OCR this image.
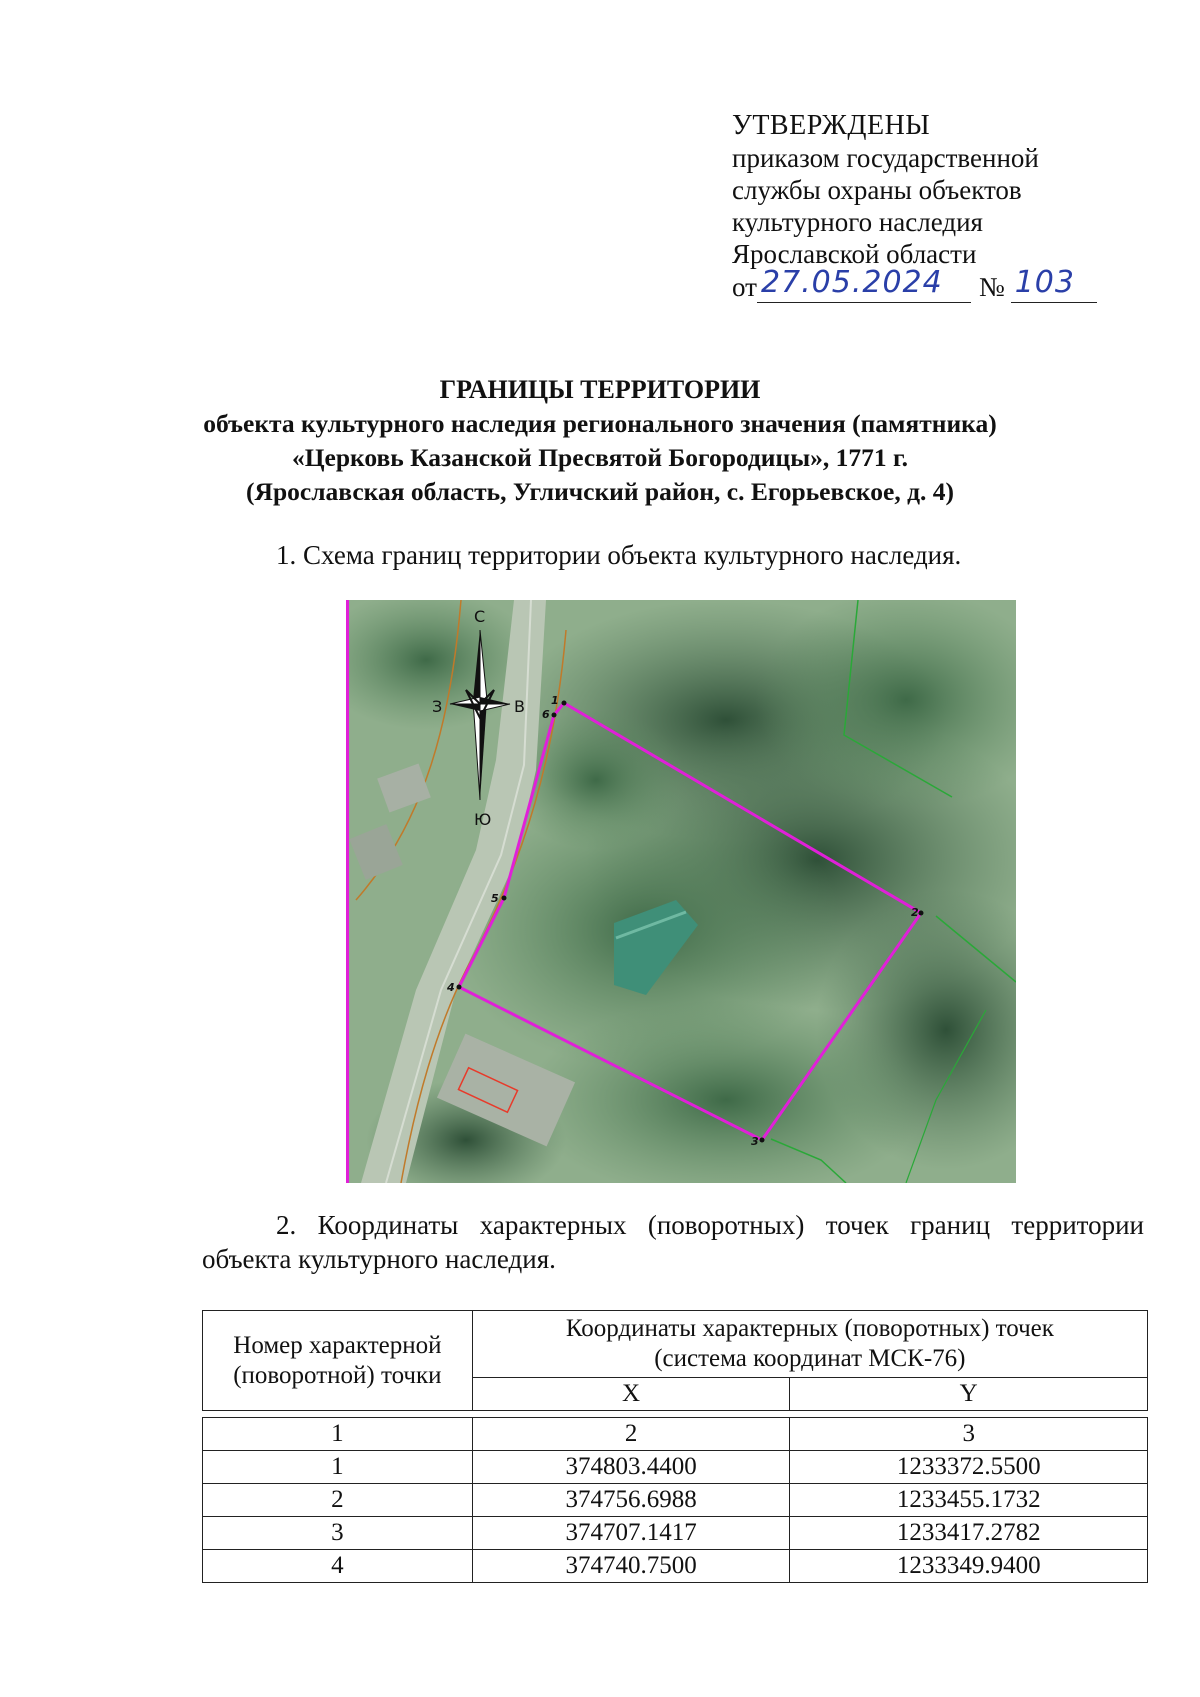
УТВЕРЖДЕНЫ
приказом государственной
службы охраны объектов
культурного наследия
Ярославской области
от 27.05.2024 № 103
ГРАНИЦЫ ТЕРРИТОРИИ
объекта культурного наследия регионального значения (памятника)
«Церковь Казанской Пресвятой Богородицы», 1771 г.
(Ярославская область, Угличский район, с. Егорьевское, д. 4)
1. Схема границ территории объекта культурного наследия.
1
2
3
4
5
6
С
Ю
З	В
2. Координаты характерных (поворотных) точек границ территории
объекта культурного наследия.
Номер характерной (поворотной) точки	Координаты характерных (поворотных) точек
(система координат МСК-76)	

	X	Y

1	2	3
1	374803.4400	1233372.5500
2	374756.6988	1233455.1732
3	374707.1417	1233417.2782
4	374740.7500	1233349.9400
